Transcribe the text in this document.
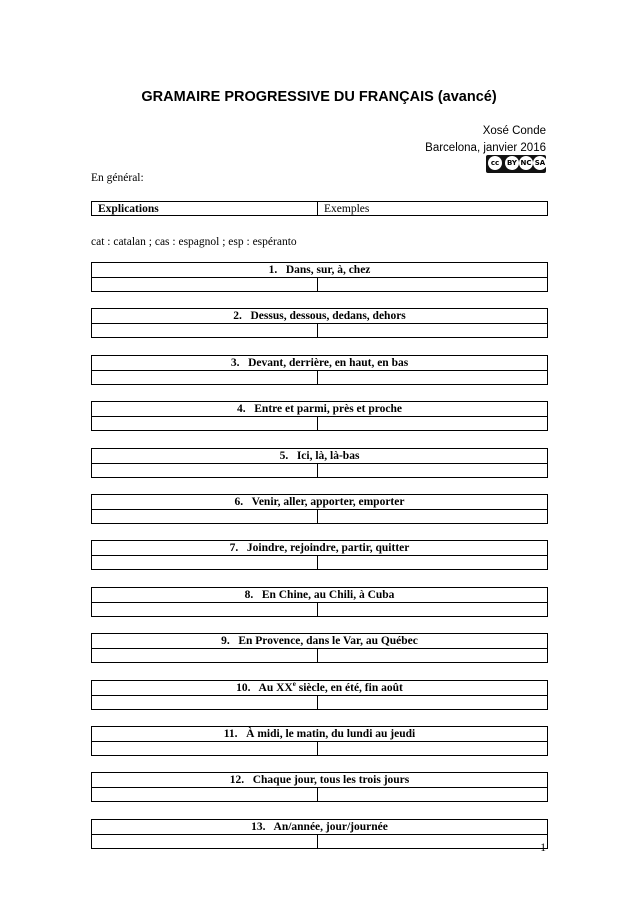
GRAMAIRE PROGRESSIVE DU FRANÇAIS (avancé)
Xosé Conde
Barcelona, janvier 2016
cc	BY NC SA
En général:
Explications	Exemples
cat : catalan ; cas : espagnol ; esp : espéranto
1. Dans, sur, à, chez

2. Dessus, dessous, dedans, dehors

3. Devant, derrière, en haut, en bas

4. Entre et parmi, près et proche

5. Ici, là, là-bas

6. Venir, aller, apporter, emporter

7. Joindre, rejoindre, partir, quitter

8. En Chine, au Chili, à Cuba

9. En Provence, dans le Var, au Québec

10. Au XXe siècle, en été, fin août

11. À midi, le matin, du lundi au jeudi

12. Chaque jour, tous les trois jours

13. An/année, jour/journée

1
